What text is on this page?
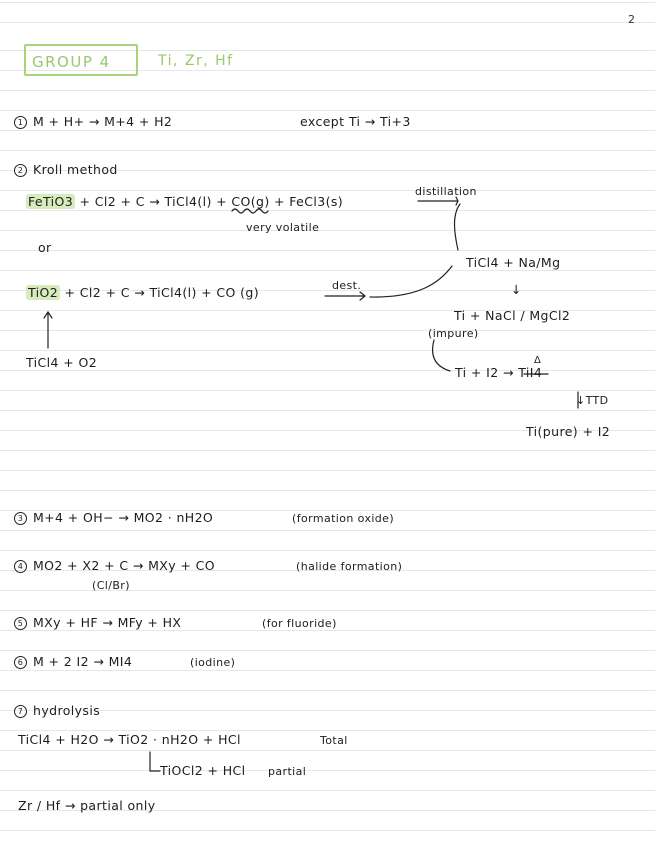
2
GROUP 4	Ti, Zr, Hf
1 M + H+ → M+4 + H2	except Ti → Ti+3
2 Kroll method
FeTiO3 + Cl2 + C → TiCl4(l) + CO(g) + FeCl3(s)
distillation
very volatile
or
TiO2 + Cl2 + C → TiCl4(l) + CO (g)	dest.
TiCl4 + Na/Mg
↓
Ti + NaCl / MgCl2
(impure)
TiCl4 + O2
Ti + I2 → TiI4
Δ
↓TTD
Ti(pure) + I2
3 M+4 + OH− → MO2 · nH2O	(formation oxide)
4 MO2 + X2 + C → MXy + CO	(halide formation)
(Cl/Br)
5 MXy + HF → MFy + HX	(for fluoride)
6 M + 2 I2 → MI4	(iodine)
7 hydrolysis
TiCl4 + H2O → TiO2 · nH2O + HCl	Total
TiOCl2 + HCl partial
Zr / Hf → partial only
